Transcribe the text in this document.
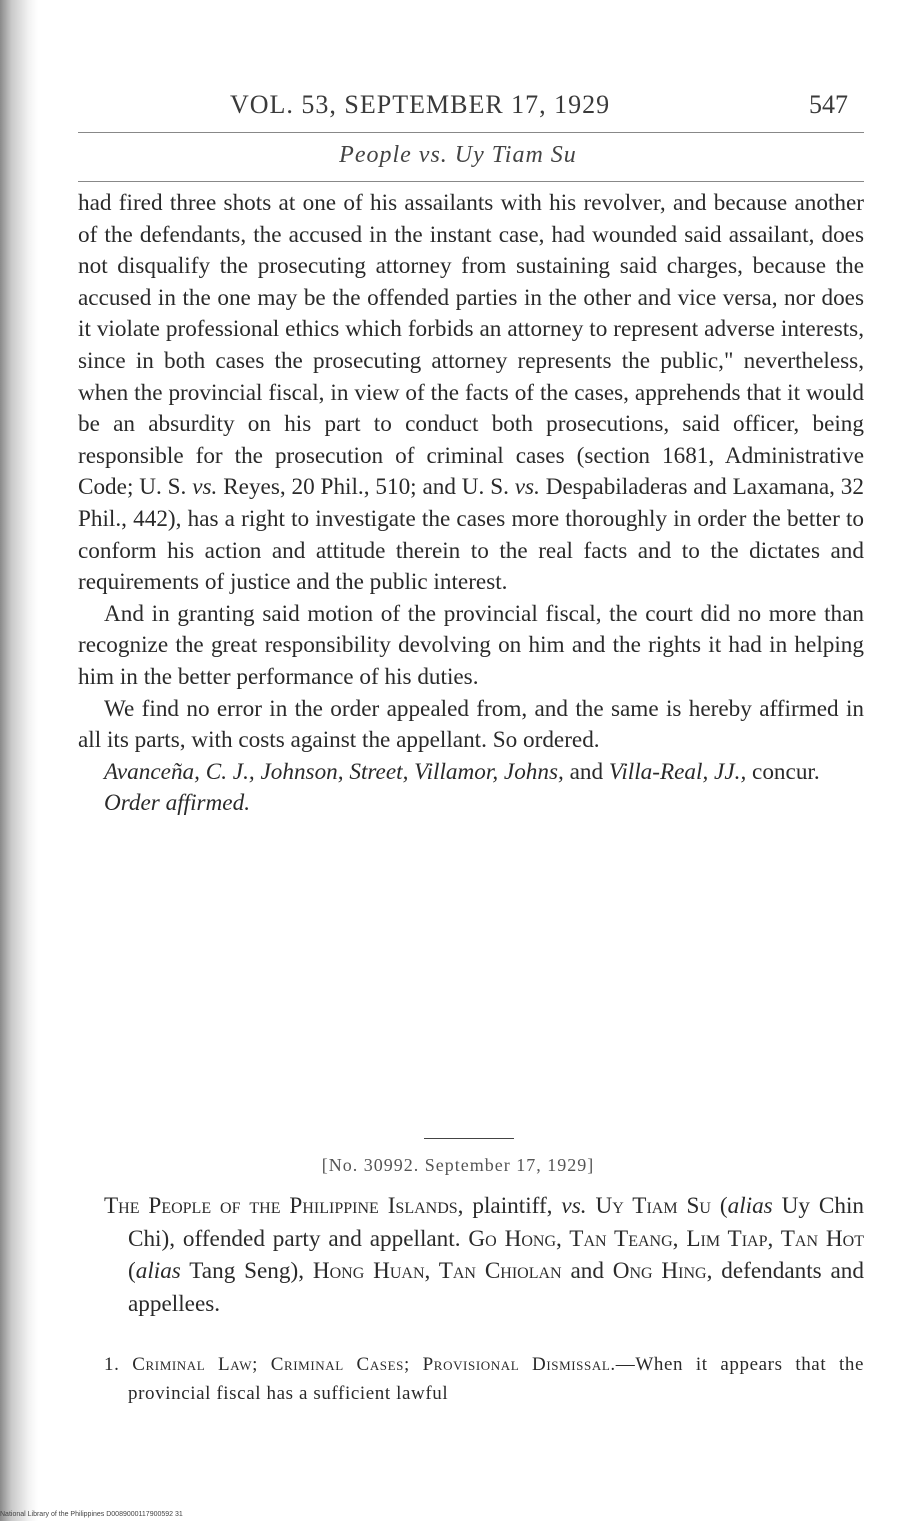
VOL. 53, SEPTEMBER 17, 1929	547
People vs. Uy Tiam Su

had fired three shots at one of his assailants with his revolver, and because another of the defendants, the accused in the instant case, had wounded said assailant, does not disqualify the prosecuting attorney from sustaining said charges, because the accused in the one may be the offended parties in the other and vice versa, nor does it violate professional ethics which forbids an attorney to represent adverse interests, since in both cases the prosecuting attorney represents the public," nevertheless, when the provincial fiscal, in view of the facts of the cases, apprehends that it would be an absurdity on his part to conduct both prosecutions, said officer, being responsible for the prosecution of criminal cases (section 1681, Administrative Code; U. S. vs. Reyes, 20 Phil., 510; and U. S. vs. Despabiladeras and Laxamana, 32 Phil., 442), has a right to investigate the cases more thoroughly in order the better to conform his action and attitude therein to the real facts and to the dictates and requirements of justice and the public interest.

And in granting said motion of the provincial fiscal, the court did no more than recognize the great responsibility devolving on him and the rights it had in helping him in the better performance of his duties.

We find no error in the order appealed from, and the same is hereby affirmed in all its parts, with costs against the appellant. So ordered.

Avanceña, C. J., Johnson, Street, Villamor, Johns, and Villa-Real, JJ., concur.

Order affirmed.

[No. 30992. September 17, 1929]
The People of the Philippine Islands, plaintiff, vs. Uy Tiam Su (alias Uy Chin Chi), offended party and appellant. Go Hong, Tan Teang, Lim Tiap, Tan Hot (alias Tang Seng), Hong Huan, Tan Chiolan and Ong Hing, defendants and appellees.
1. Criminal Law; Criminal Cases; Provisional Dismissal.—When it appears that the provincial fiscal has a sufficient lawful
National Library of the Philippines D0089000117900592 31
